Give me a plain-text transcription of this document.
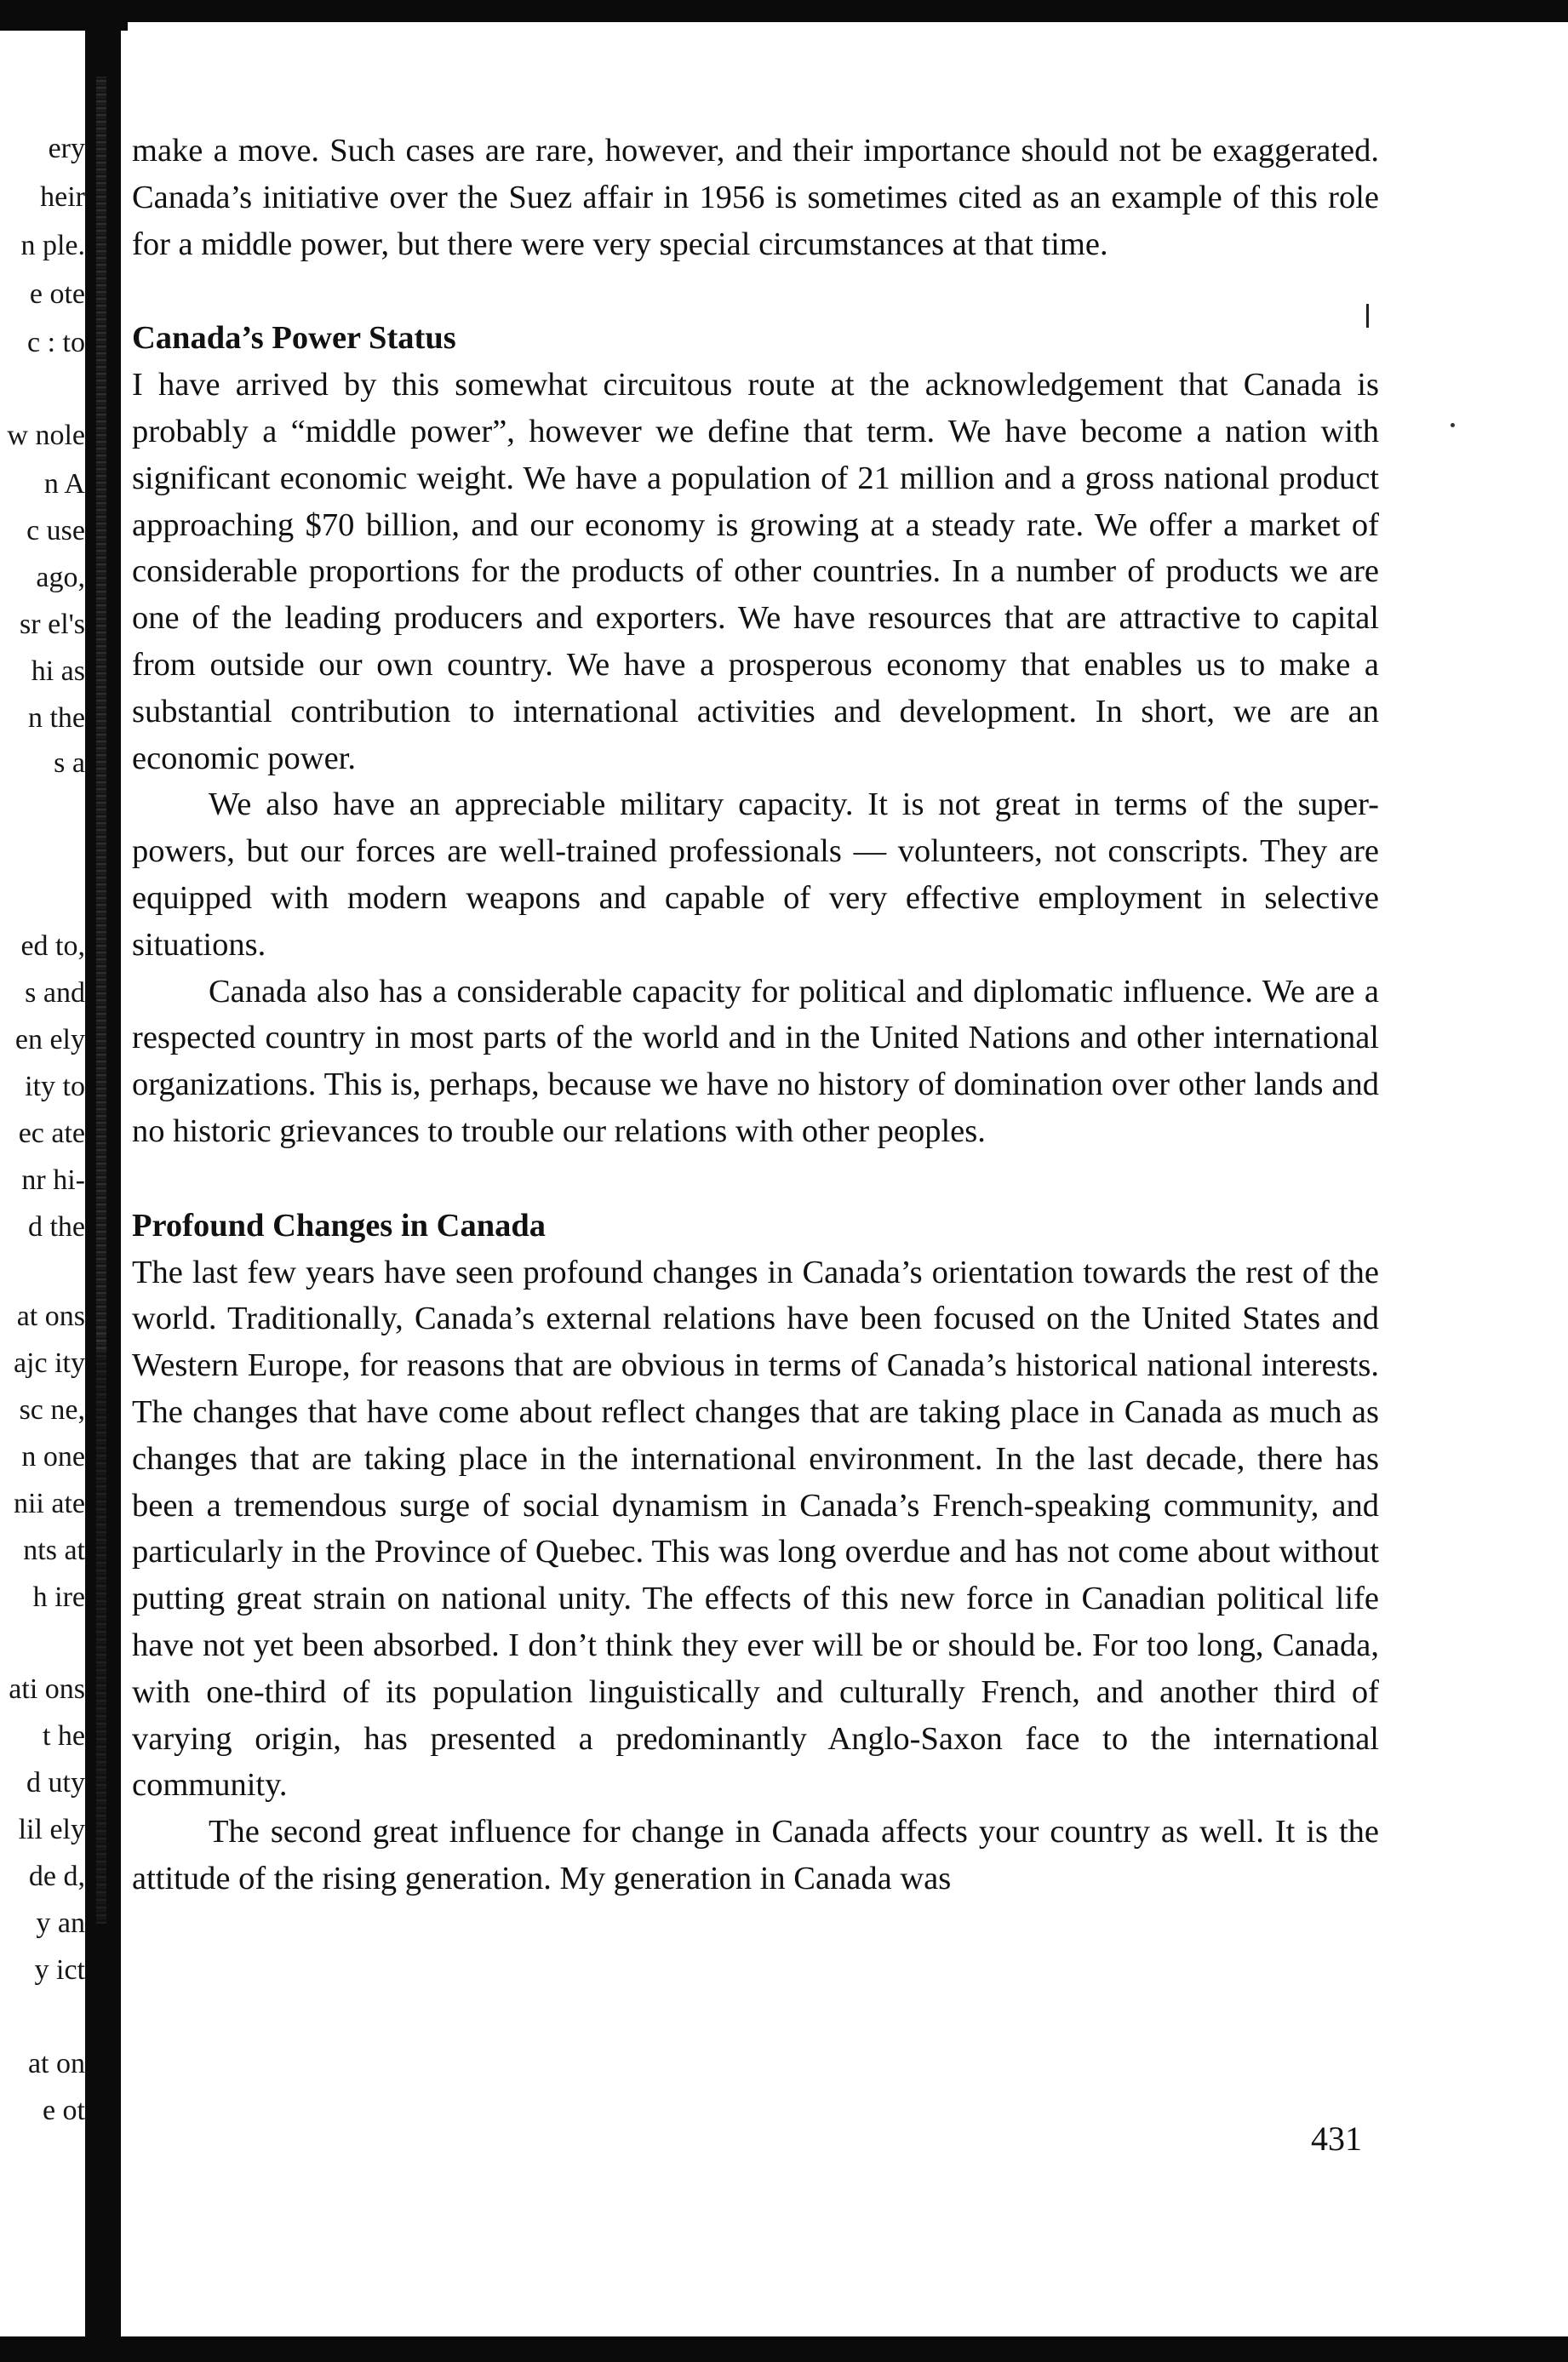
ery
heir
n ple.
e ote
c : to
w nole
n A
c use
ago,
sr el's
hi as
n the
s a
ed to,
s and
en ely
ity to
ec ate
nr hi-
d the
at ons
ajc ity
sc ne,
n one
nii ate
nts at
h ire
ati ons
t he
d uty
lil ely
de d,
y an
y ict
at on
e ot

make a move. Such cases are rare, however, and their importance should not be exaggerated. Canada’s initiative over the Suez affair in 1956 is sometimes cited as an example of this role for a middle power, but there were very special circumstances at that time.

Canada’s Power Status

I have arrived by this somewhat circuitous route at the acknowledgement that Canada is probably a “middle power”, however we define that term. We have become a nation with significant economic weight. We have a population of 21 million and a gross national product approaching $70 billion, and our economy is growing at a steady rate. We offer a market of considerable proportions for the products of other countries. In a number of products we are one of the leading producers and exporters. We have resources that are attractive to capital from outside our own country. We have a prosperous economy that enables us to make a substantial contribution to international activities and development. In short, we are an economic power.

We also have an appreciable military capacity. It is not great in terms of the super-powers, but our forces are well-trained professionals — volunteers, not conscripts. They are equipped with modern weapons and capable of very effective employment in selective situations.

Canada also has a considerable capacity for political and diplomatic influence. We are a respected country in most parts of the world and in the United Nations and other international organizations. This is, perhaps, because we have no history of domination over other lands and no historic grievances to trouble our relations with other peoples.

Profound Changes in Canada

The last few years have seen profound changes in Canada’s orientation towards the rest of the world. Traditionally, Canada’s external relations have been focused on the United States and Western Europe, for reasons that are obvious in terms of Canada’s historical national interests. The changes that have come about reflect changes that are taking place in Canada as much as changes that are taking place in the international environment. In the last decade, there has been a tremendous surge of social dynamism in Canada’s French-speaking community, and particularly in the Province of Quebec. This was long overdue and has not come about without putting great strain on national unity. The effects of this new force in Canadian political life have not yet been absorbed. I don’t think they ever will be or should be. For too long, Canada, with one-third of its population linguistically and culturally French, and another third of varying origin, has presented a predominantly Anglo-Saxon face to the international community.

The second great influence for change in Canada affects your country as well. It is the attitude of the rising generation. My generation in Canada was

431
